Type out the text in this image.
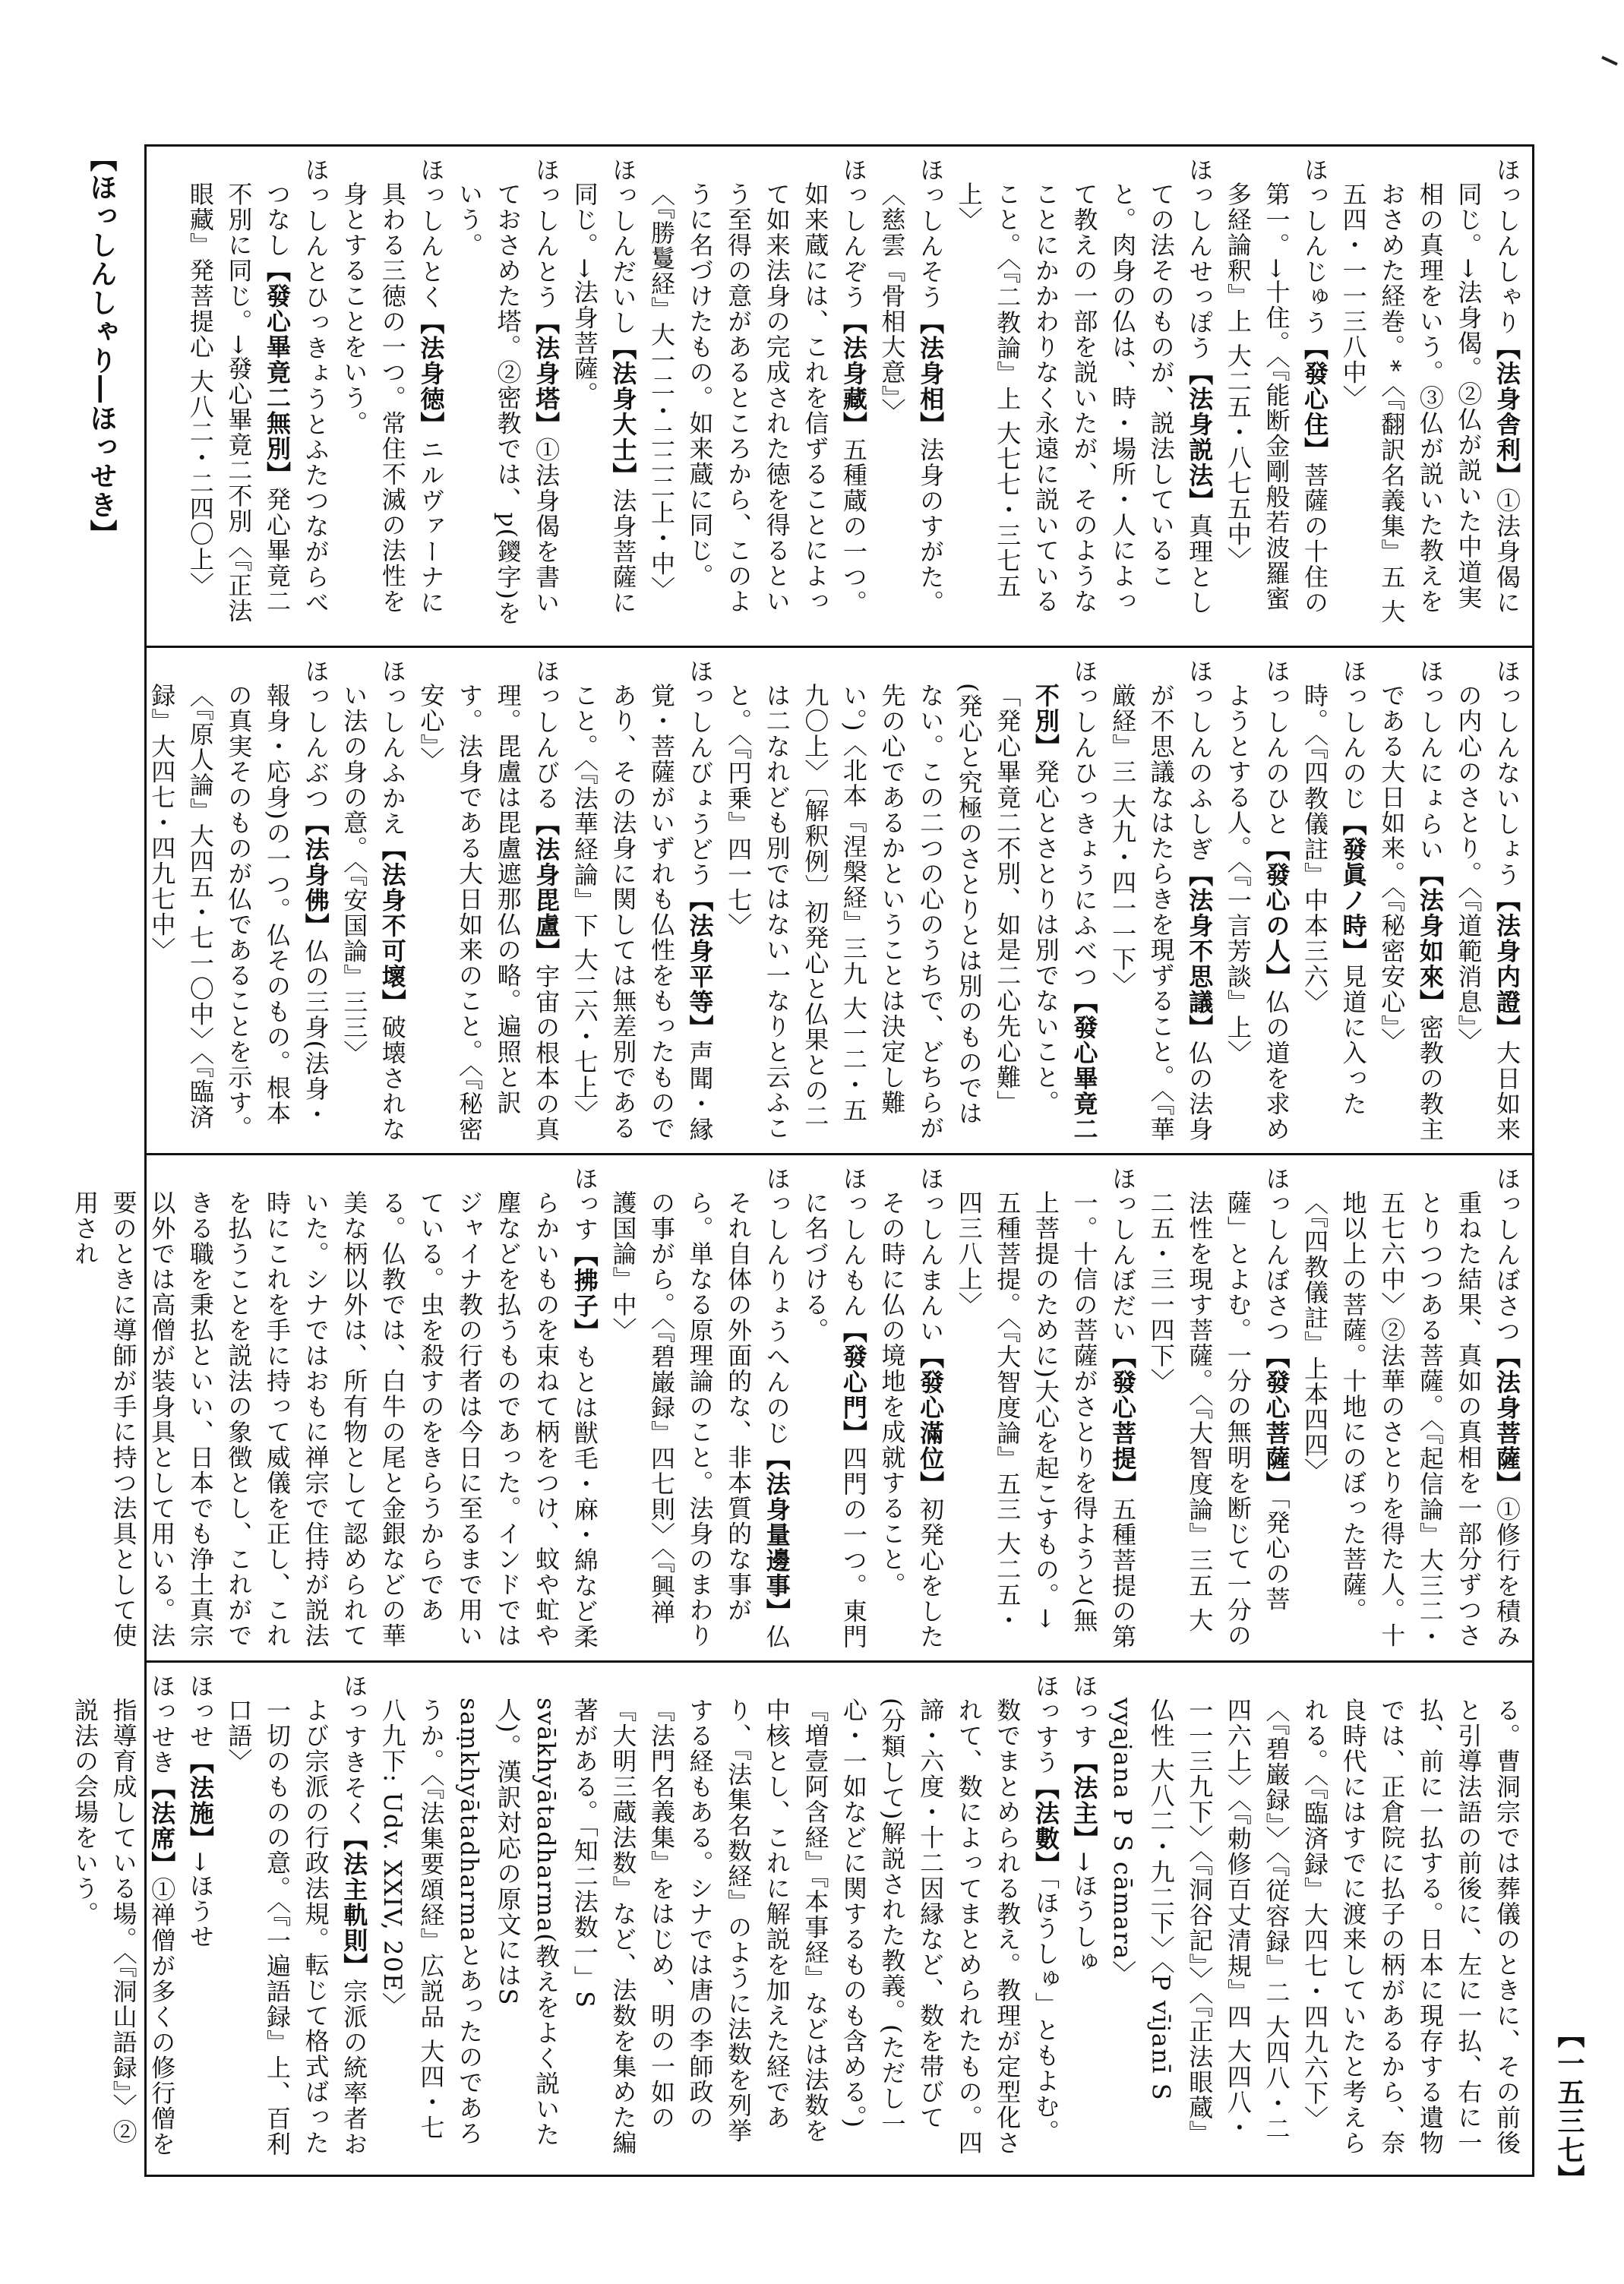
【ほっしんしゃり―ほっせき】
【一五三七】

ほっしんしゃり【法身舎利】①法身偈に同じ。→法身偈。②仏が説いた中道実相の真理をいう。③仏が説いた教えをおさめた経巻。*〈『翻訳名義集』五 大五四・一一三八中〉

ほっしんじゅう【發心住】菩薩の十住の第一。→十住。〈『能断金剛般若波羅蜜多経論釈』上 大二五・八七五中〉

ほっしんせっぽう【法身説法】真理としての法そのものが、説法していること。肉身の仏は、時・場所・人によって教えの一部を説いたが、そのようなことにかかわりなく永遠に説いていること。〈『二教論』上 大七七・三七五上〉

ほっしんそう【法身相】法身のすがた。〈慈雲『骨相大意』〉

ほっしんぞう【法身藏】五種蔵の一つ。如来蔵には、これを信ずることによって如来法身の完成された徳を得るという至得の意があるところから、このように名づけたもの。如来蔵に同じ。〈『勝鬘経』大一二・二二二上・中〉

ほっしんだいし【法身大士】法身菩薩に同じ。→法身菩薩。

ほっしんとう【法身塔】①法身偈を書いておさめた塔。②密教では、ꝩ(鑁字)をいう。

ほっしんとく【法身徳】ニルヴァーナに具わる三徳の一つ。常住不滅の法性を身とすることをいう。

ほっしんとひっきょうとふたつながらべつなし【發心畢竟二無別】発心畢竟二不別に同じ。→發心畢竟二不別〈『正法眼藏』発菩提心 大八二・二四〇上〉

ほっしんないしょう【法身内證】大日如来の内心のさとり。〈『道範消息』〉

ほっしんにょらい【法身如來】密教の教主である大日如来。〈『秘密安心』〉

ほっしんのじ【發眞ノ時】見道に入った時。〈『四教儀註』中本三六〉

ほっしんのひと【發心の人】仏の道を求めようとする人。〈『一言芳談』上〉

ほっしんのふしぎ【法身不思議】仏の法身が不思議なはたらきを現ずること。〈『華厳経』三 大九・四一一下〉

ほっしんひっきょうにふべつ【發心畢竟二不別】発心とさとりは別でないこと。「発心畢竟二不別、如是二心先心難」(発心と究極のさとりとは別のものではない。この二つの心のうちで、どちらが先の心であるかということは決定し難い。)〈北本『涅槃経』三九 大一二・五九〇上〉〔解釈例〕初発心と仏果との二は二なれども別ではない一なりと云ふこと。〈『円乗』四一七〉

ほっしんびょうどう【法身平等】声聞・縁覚・菩薩がいずれも仏性をもったものであり、その法身に関しては無差別であること。〈『法華経論』下 大二六・七上〉

ほっしんびる【法身毘盧】宇宙の根本の真理。毘盧は毘盧遮那仏の略。遍照と訳す。法身である大日如来のこと。〈『秘密安心』〉

ほっしんふかえ【法身不可壞】破壊されない法の身の意。〈『安国論』三三〉

ほっしんぶつ【法身佛】仏の三身(法身・報身・応身)の一つ。仏そのもの。根本の真実そのものが仏であることを示す。〈『原人論』大四五・七一〇中〉〈『臨済録』大四七・四九七中〉

ほっしんぼさつ【法身菩薩】①修行を積み重ねた結果、真如の真相を一部分ずつさとりつつある菩薩。〈『起信論』大三二・五七六中〉②法華のさとりを得た人。十地以上の菩薩。十地にのぼった菩薩。〈『四教儀註』上本四四〉

ほっしんぼさつ【發心菩薩】「発心の菩薩」とよむ。一分の無明を断じて一分の法性を現す菩薩。〈『大智度論』三五 大二五・三一四下〉

ほっしんぼだい【發心菩提】五種菩提の第一。十信の菩薩がさとりを得ようと(無上菩提のために)大心を起こすもの。→五種菩提。〈『大智度論』五三 大二五・四三八上〉

ほっしんまんい【發心滿位】初発心をしたその時に仏の境地を成就すること。

ほっしんもん【發心門】四門の一つ。東門に名づける。

ほっしんりょうへんのじ【法身量邊事】仏それ自体の外面的な、非本質的な事がら。単なる原理論のこと。法身のまわりの事がら。〈『碧巌録』四七則〉〈『興禅護国論』中〉

ほっす【拂子】もとは獣毛・麻・綿など柔らかいものを束ねて柄をつけ、蚊や虻や塵などを払うものであった。インドではジャイナ教の行者は今日に至るまで用いている。虫を殺すのをきらうからである。仏教では、白牛の尾と金銀などの華美な柄以外は、所有物として認められていた。シナではおもに禅宗で住持が説法時にこれを手に持って威儀を正し、これを払うことを説法の象徴とし、これができる職を秉払といい、日本でも浄土真宗以外では高僧が装身具として用いる。法要のときに導師が手に持つ法具として使用され

る。曹洞宗では葬儀のときに、その前後と引導法語の前後に、左に一払、右に一払、前に一払する。日本に現存する遺物では、正倉院に払子の柄があるから、奈良時代にはすでに渡来していたと考えられる。〈『臨済録』大四七・四九六下〉〈『碧巌録』〉〈『従容録』二 大四八・二四六上〉〈『勅修百丈清規』四 大四八・一一三九下〉〈『洞谷記』〉〈『正法眼蔵』仏性 大八二・九二下〉〈P vījanī S vyajana P S cāmara〉

ほっす【法主】→ほうしゅ

ほっすう【法數】「ほうしゅ」ともよむ。数でまとめられる教え。教理が定型化されて、数によってまとめられたもの。四諦・六度・十二因縁など、数を帯びて(分類して)解説された教義。(ただし一心・一如などに関するものも含める。)『増壹阿含経』『本事経』などは法数を中核とし、これに解説を加えた経であり、『法集名数経』のように法数を列挙する経もある。シナでは唐の李師政の『法門名義集』をはじめ、明の一如の『大明三蔵法数』など、法数を集めた編著がある。「知二法数一」S svākhyātadharma(教えをよく説いた人)。漢訳対応の原文にはS saṃkhyātadharmaとあったのであろうか。〈『法集要頌経』広説品 大四・七八九下: Udv. XXIV, 20E〉

ほっすきそく【法主軌則】宗派の統率者および宗派の行政法規。転じて格式ばった一切のものの意。〈『一遍語録』上、百利口語〉

ほっせ【法施】→ほうせ

ほっせき【法席】①禅僧が多くの修行僧を指導育成している場。〈『洞山語録』〉②説法の会場をいう。
